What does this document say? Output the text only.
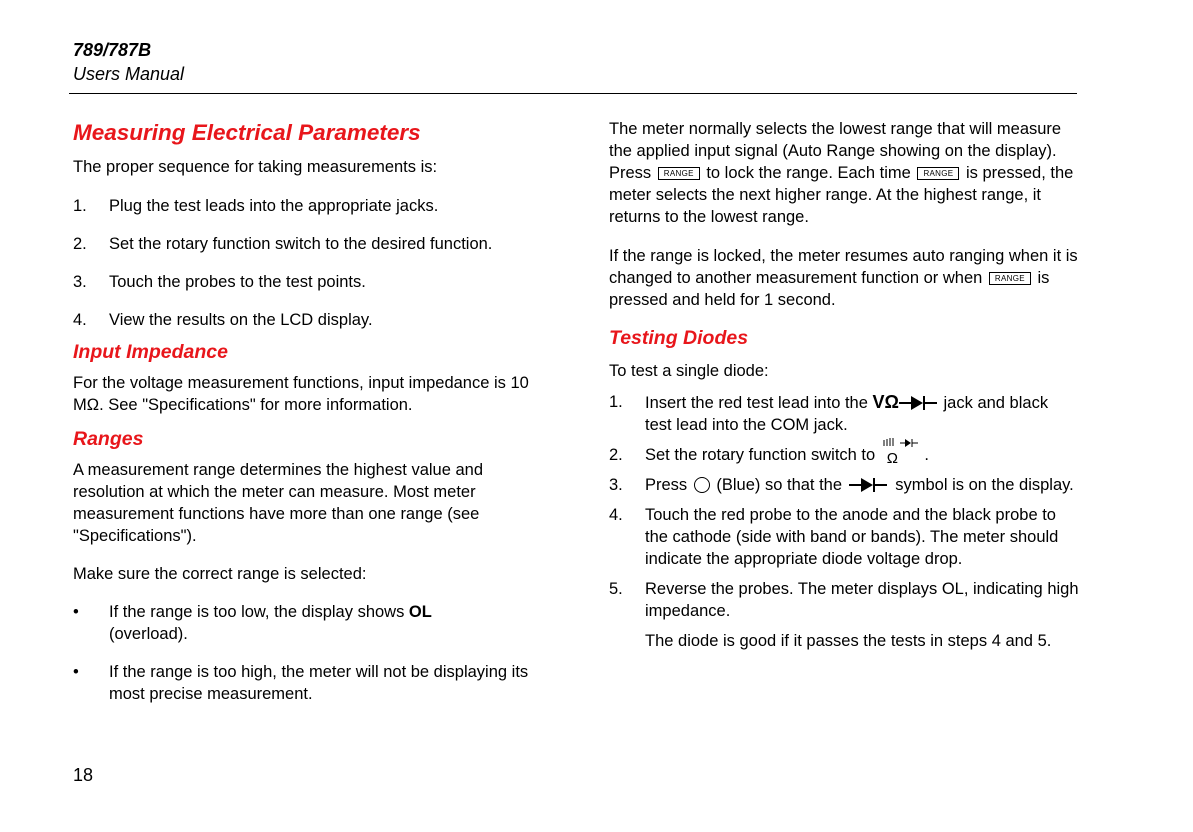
789/787B
Users Manual
Measuring Electrical Parameters

The proper sequence for taking measurements is:

1. Plug the test leads into the appropriate jacks.
2. Set the rotary function switch to the desired function.
3. Touch the probes to the test points.
4. View the results on the LCD display.
Input Impedance

For the voltage measurement functions, input impedance is 10 MΩ. See "Specifications" for more information.

Ranges

A measurement range determines the highest value and resolution at which the meter can measure. Most meter measurement functions have more than one range (see "Specifications").

Make sure the correct range is selected:

• If the range is too low, the display shows OL
(overload).
• If the range is too high, the meter will not be displaying its most precise measurement.

The meter normally selects the lowest range that will measure the applied input signal (Auto Range showing on the display). Press RANGE to lock the range. Each time RANGE is pressed, the meter selects the next higher range. At the highest range, it returns to the lowest range.

If the range is locked, the meter resumes auto ranging when it is changed to another measurement function or when RANGE is pressed and held for 1 second.

Testing Diodes

To test a single diode:

1. Insert the red test lead into the VΩ	jack and black test lead into the COM jack.
2. Set the rotary function switch to Ω .
3. Press (Blue) so that the	symbol is on the display.
4. Touch the red probe to the anode and the black probe to the cathode (side with band or bands). The meter should indicate the appropriate diode voltage drop.
5. Reverse the probes. The meter displays OL, indicating high impedance.

The diode is good if it passes the tests in steps 4 and 5.

18
